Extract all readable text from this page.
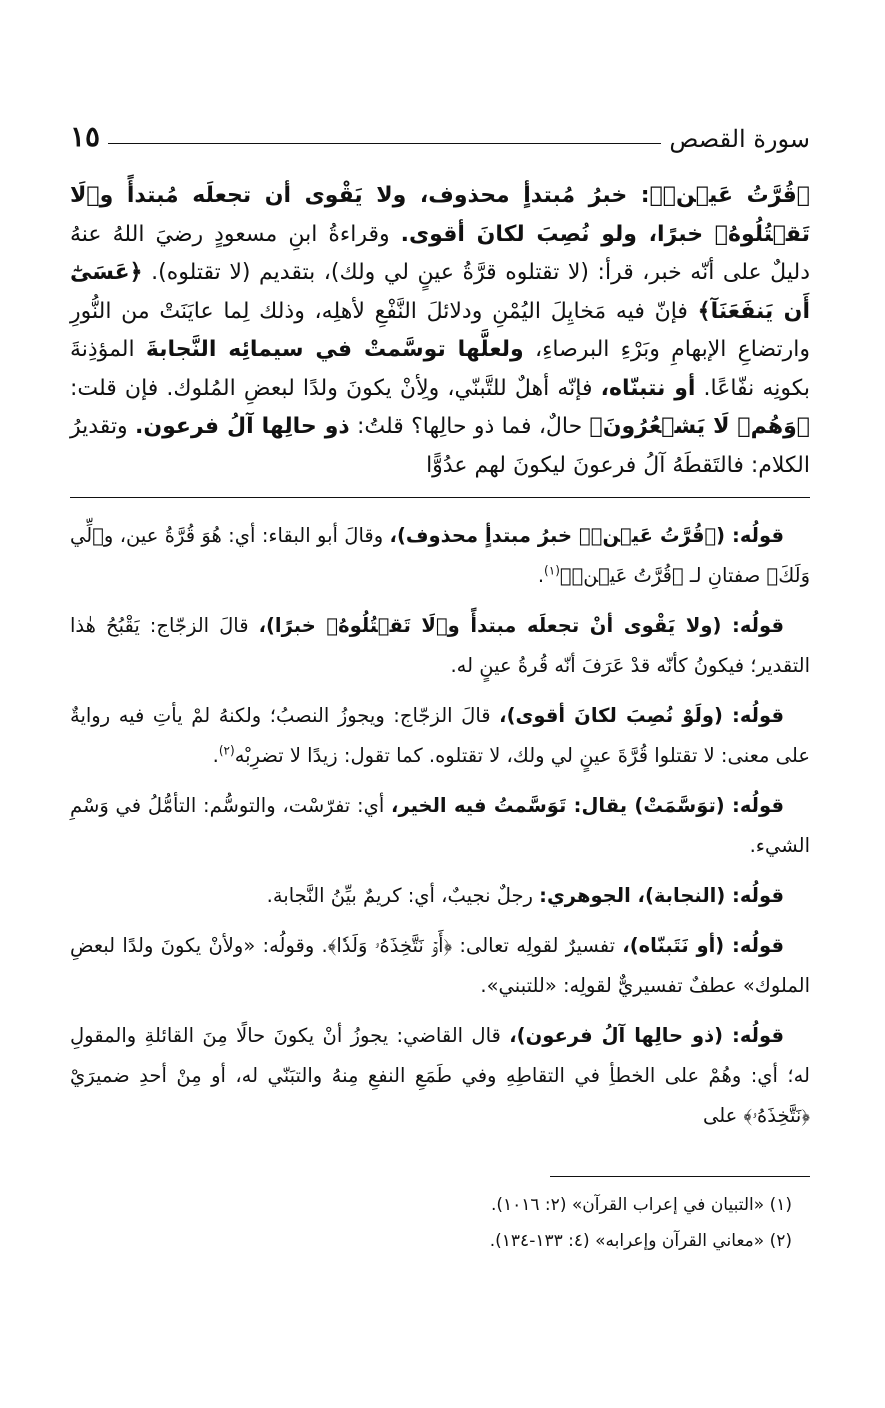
سورة القصص
١٥
﴿قُرَّتُ عَيۡنٖ﴾: خبرُ مُبتدأٍ محذوف، ولا يَقْوى أن تجعلَه مُبتدأً و﴿لَا تَقۡتُلُوهُ﴾ خبرًا، ولو نُصِبَ لكانَ أقوى. وقراءةُ ابنِ مسعودٍ رضيَ اللهُ عنهُ دليلٌ على أنّه خبر، قرأ: (لا تقتلوه قرَّةُ عينٍ لي ولك)، بتقديم (لا تقتلوه). ﴿عَسَىٰٓ أَن يَنفَعَنَآ﴾ فإنّ فيه مَخايِلَ اليُمْنِ ودلائلَ النَّفْعِ لأهلِه، وذلك لِما عايَنَتْ من النُّورِ وارتضاعِ الإبهامِ وبَرْءِ البرصاءِ، ولعلَّها توسَّمتْ في سيمائِه النَّجابةَ المؤذِنةَ بكونِه نفّاعًا. أو نتبنّاه، فإنّه أهلٌ للتَّبنّي، ولِأنْ يكونَ ولدًا لبعضِ المُلوك. فإن قلت: ﴿وَهُمۡ لَا يَشۡعُرُونَ﴾ حالٌ، فما ذو حالِها؟ قلتُ: ذو حالِها آلُ فرعون. وتقديرُ الكلام: فالتَقطَهُ آلُ فرعونَ ليكونَ لهم عدُوًّا

قولُه: (﴿قُرَّتُ عَيۡنٖ﴾ خبرُ مبتدأٍ محذوف)، وقالَ أبو البقاء: أي: هُوَ قُرَّةُ عين، و﴿لِّي وَلَكَ﴾ صفتانِ لـ ﴿قُرَّتُ عَيۡنٖ﴾$^{(١)}$.

قولُه: (ولا يَقْوى أنْ تجعلَه مبتدأً و﴿لَا تَقۡتُلُوهُ﴾ خبرًا)، قالَ الزجّاج: يَقْبُحُ هٰذا التقدير؛ فيكونُ كأنّه قدْ عَرَفَ أنّه قُرةُ عينٍ له.

قولُه: (ولَوْ نُصِبَ لكانَ أقوى)، قالَ الزجّاج: ويجوزُ النصبُ؛ ولكنهُ لمْ يأتِ فيه روايةٌ على معنى: لا تقتلوا قُرَّةَ عينٍ لي ولك، لا تقتلوه. كما تقول: زيدًا لا تضرِبْه$^{(٢)}$.

قولُه: (توَسَّمَتْ) يقال: تَوَسَّمتُ فيه الخير، أي: تفرّسْت، والتوسُّم: التأمُّلُ في وَسْمِ الشيء.

قولُه: (النجابة)، الجوهري: رجلٌ نجيبٌ، أي: كريمٌ بيِّنُ النَّجابة.

قولُه: (أو نَتَبنّاه)، تفسيرٌ لقولِه تعالى: ﴿أَوۡ نَتَّخِذَهُۥ وَلَدٗا﴾. وقولُه: «ولأنْ يكونَ ولدًا لبعضِ الملوك» عطفٌ تفسيريٌّ لقولِه: «للتبني».

قولُه: (ذو حالِها آلُ فرعون)، قال القاضي: يجوزُ أنْ يكونَ حالًا مِنَ القائلةِ والمقولِ له؛ أي: وهُمْ على الخطأِ في التقاطِهِ وفي طَمَعِ النفعِ مِنهُ والتبَنّي له، أو مِنْ أحدِ ضميرَيْ ﴿نَتَّخِذَهُۥ﴾ على

(١) «التبيان في إعراب القرآن» (٢: ١٠١٦).
(٢) «معاني القرآن وإعرابه» (٤: ١٣٣-١٣٤).
